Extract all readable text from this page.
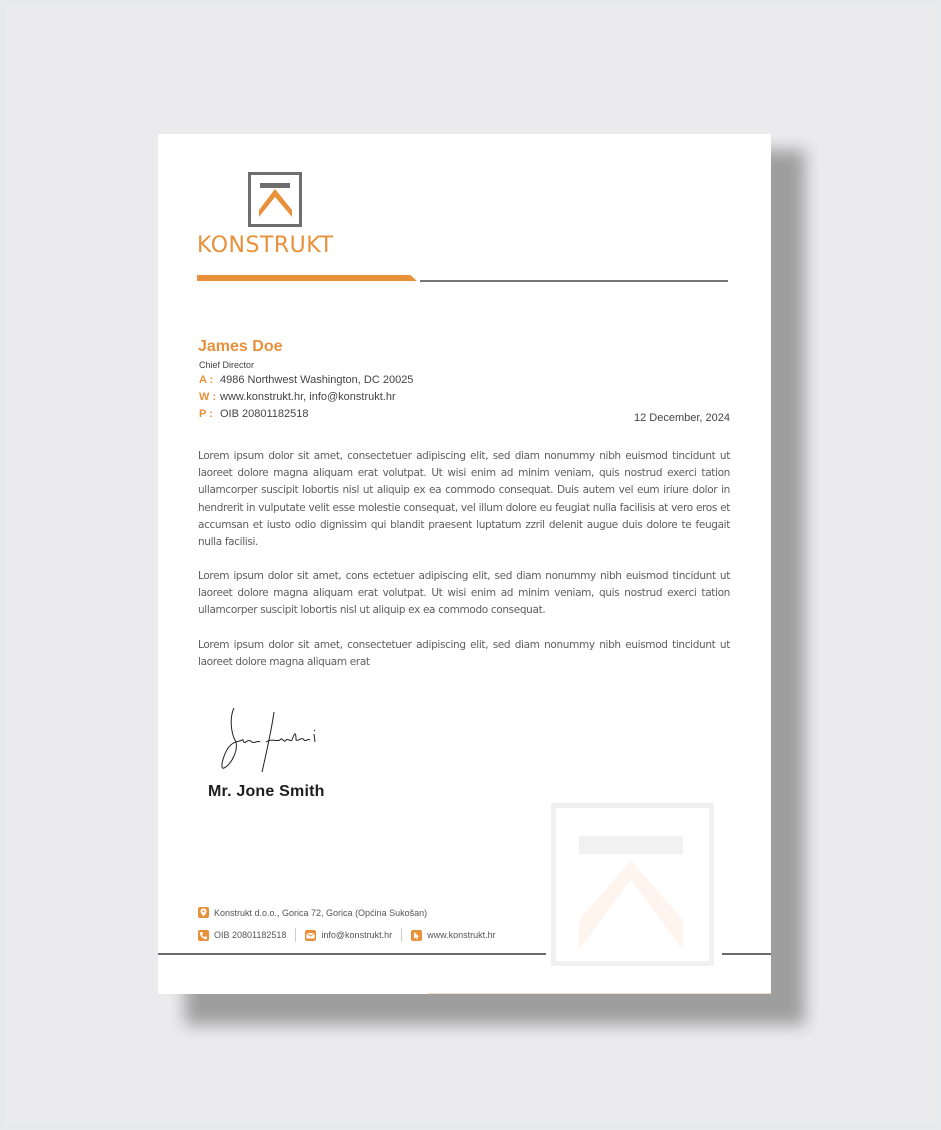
KONSTRUKT
James Doe
Chief Director
A : 4986 Northwest Washington, DC 20025
W : www.konstrukt.hr, info@konstrukt.hr
P : OIB 20801182518	12 December, 2024
Lorem ipsum dolor sit amet, consectetuer adipiscing elit, sed diam nonummy nibh euismod tincidunt ut laoreet dolore magna aliquam erat volutpat. Ut wisi enim ad minim veniam, quis nostrud exerci tation ullamcorper suscipit lobortis nisl ut aliquip ex ea commodo consequat. Duis autem vel eum iriure dolor in hendrerit in vulputate velit esse molestie consequat, vel illum dolore eu feugiat nulla facilisis at vero eros et accumsan et iusto odio dignissim qui blandit praesent luptatum zzril delenit augue duis dolore te feugait nulla facilisi.
Lorem ipsum dolor sit amet, cons ectetuer adipiscing elit, sed diam nonummy nibh euismod tincidunt ut laoreet dolore magna aliquam erat volutpat. Ut wisi enim ad minim veniam, quis nostrud exerci tation ullamcorper suscipit lobortis nisl ut aliquip ex ea commodo consequat.
Lorem ipsum dolor sit amet, consectetuer adipiscing elit, sed diam nonummy nibh euismod tincidunt ut laoreet dolore magna aliquam erat
Mr. Jone Smith
Konstrukt d.o.o., Gorica 72, Gorica (Općina Sukošan)
OIB 20801182518	info@konstrukt.hr	www.konstrukt.hr
